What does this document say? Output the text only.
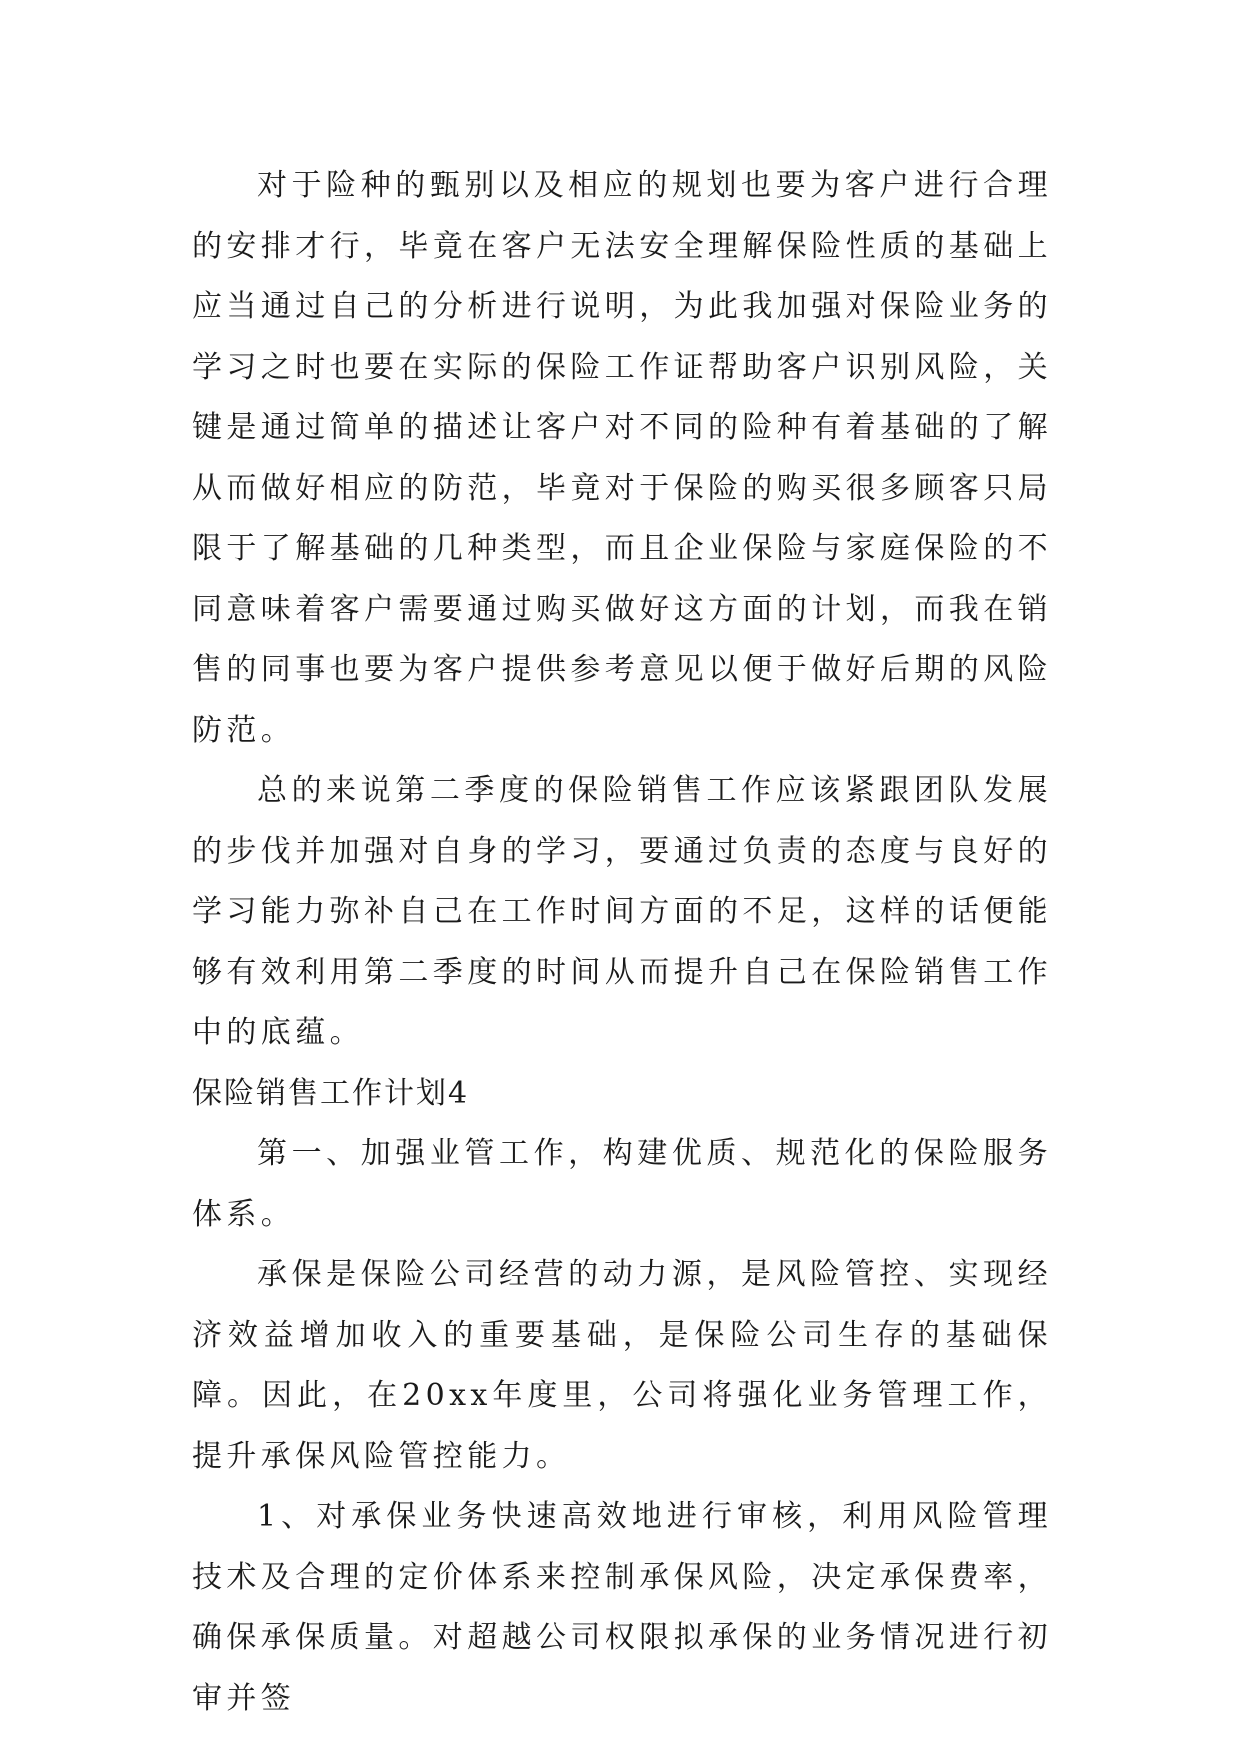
对于险种的甄别以及相应的规划也要为客户进行合理的安排才行，毕竟在客户无法安全理解保险性质的基础上应当通过自己的分析进行说明，为此我加强对保险业务的学习之时也要在实际的保险工作证帮助客户识别风险，关键是通过简单的描述让客户对不同的险种有着基础的了解从而做好相应的防范，毕竟对于保险的购买很多顾客只局限于了解基础的几种类型，而且企业保险与家庭保险的不同意味着客户需要通过购买做好这方面的计划，而我在销售的同事也要为客户提供参考意见以便于做好后期的风险防范。

总的来说第二季度的保险销售工作应该紧跟团队发展的步伐并加强对自身的学习，要通过负责的态度与良好的学习能力弥补自己在工作时间方面的不足，这样的话便能够有效利用第二季度的时间从而提升自己在保险销售工作中的底蕴。

保险销售工作计划4

第一、加强业管工作，构建优质、规范化的保险服务体系。

承保是保险公司经营的动力源，是风险管控、实现经济效益增加收入的重要基础，是保险公司生存的基础保障。因此，在20xx年度里，公司将强化业务管理工作，提升承保风险管控能力。

1、对承保业务快速高效地进行审核，利用风险管理技术及合理的定价体系来控制承保风险，决定承保费率，确保承保质量。对超越公司权限拟承保的业务情况进行初审并签
